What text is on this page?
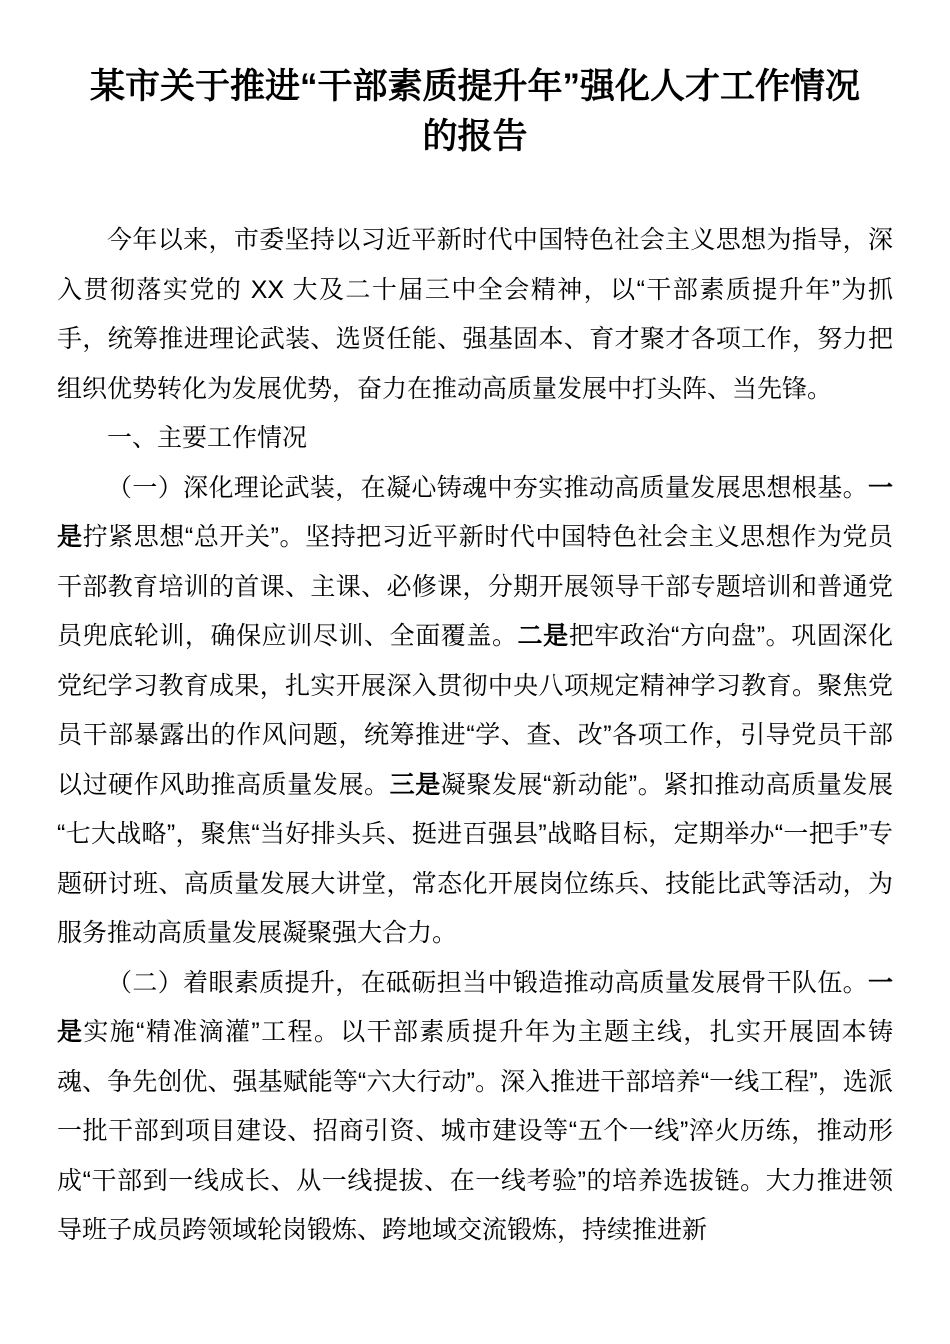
某市关于推进“干部素质提升年”强化人才工作情况
的报告

今年以来，市委坚持以习近平新时代中国特色社会主义思想为指导，深入贯彻落实党的 XX 大及二十届三中全会精神，以“干部素质提升年”为抓手，统筹推进理论武装、选贤任能、强基固本、育才聚才各项工作，努力把组织优势转化为发展优势，奋力在推动高质量发展中打头阵、当先锋。

一、主要工作情况

（一）深化理论武装，在凝心铸魂中夯实推动高质量发展思想根基。一是拧紧思想“总开关”。坚持把习近平新时代中国特色社会主义思想作为党员干部教育培训的首课、主课、必修课，分期开展领导干部专题培训和普通党员兜底轮训，确保应训尽训、全面覆盖。二是把牢政治“方向盘”。巩固深化党纪学习教育成果，扎实开展深入贯彻中央八项规定精神学习教育。聚焦党员干部暴露出的作风问题，统筹推进“学、查、改”各项工作，引导党员干部以过硬作风助推高质量发展。三是凝聚发展“新动能”。紧扣推动高质量发展“七大战略”，聚焦“当好排头兵、挺进百强县”战略目标，定期举办“一把手”专题研讨班、高质量发展大讲堂，常态化开展岗位练兵、技能比武等活动，为服务推动高质量发展凝聚强大合力。

（二）着眼素质提升，在砥砺担当中锻造推动高质量发展骨干队伍。一是实施“精准滴灌”工程。以干部素质提升年为主题主线，扎实开展固本铸魂、争先创优、强基赋能等“六大行动”。深入推进干部培养“一线工程”，选派一批干部到项目建设、招商引资、城市建设等“五个一线”淬火历练，推动形成“干部到一线成长、从一线提拔、在一线考验”的培养选拔链。大力推进领导班子成员跨领域轮岗锻炼、跨地域交流锻炼，持续推进新
